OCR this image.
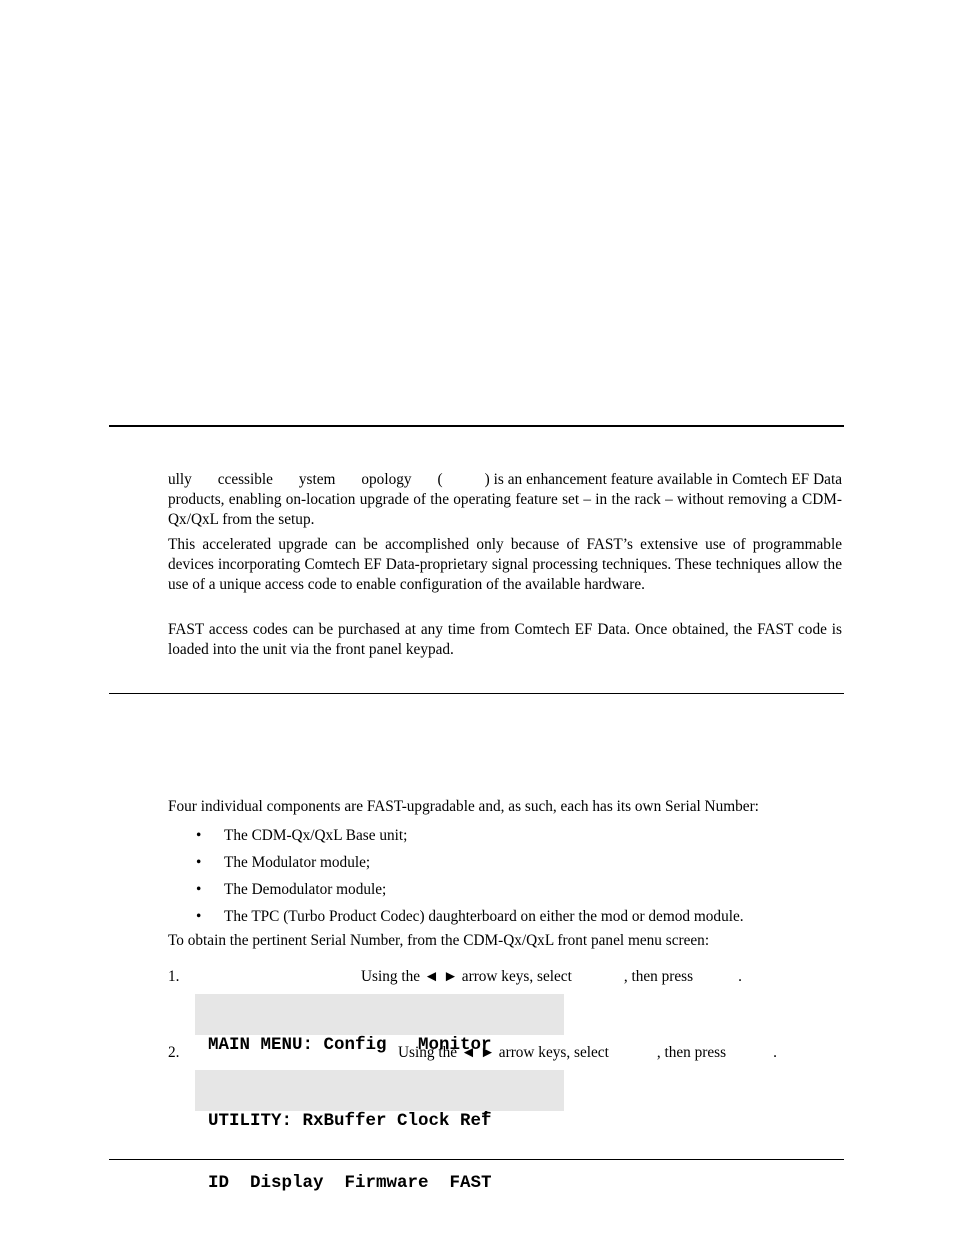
ully ccessible ystem opology (	) is an enhancement feature available in Comtech EF Data products, enabling on-location upgrade of the operating feature set – in the rack – without removing a CDM-Qx/QxL from the setup.

This accelerated upgrade can be accomplished only because of FAST’s extensive use of programmable devices incorporating Comtech EF Data-proprietary signal processing techniques. These techniques allow the use of a unique access code to enable configuration of the available hardware.

FAST access codes can be purchased at any time from Comtech EF Data. Once obtained, the FAST code is loaded into the unit via the front panel keypad.

Four individual components are FAST-upgradable and, as such, each has its own Serial Number:

• The CDM-Qx/QxL Base unit;
• The Modulator module;
• The Demodulator module;
• The TPC (Turbo Product Codec) daughterboard on either the mod or demod module.

To obtain the pertinent Serial Number, from the CDM-Qx/QxL front panel menu screen:

1.	Using the ◄ ► arrow keys, select	, then press	.

MAIN MENU: Config   Monitor

2.	Using the ◄ ► arrow keys, select	, then press	.

UTILITY: RxBuffer Clock Ref

ID  Display  Firmware  FAST
